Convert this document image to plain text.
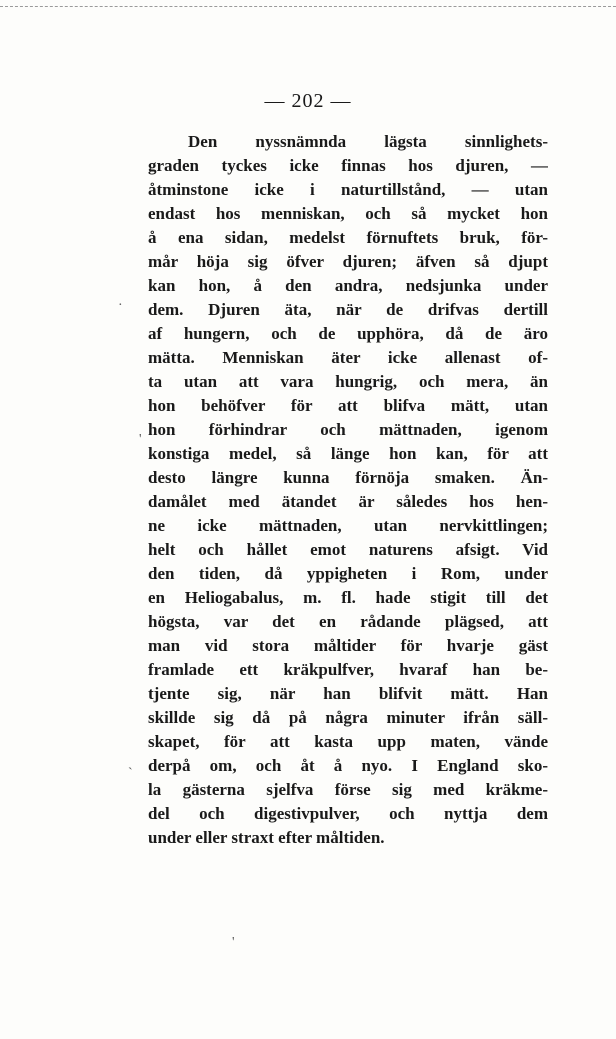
— 202 —
Den nyssnämnda lägsta sinnlighets-
graden tyckes icke finnas hos djuren, —
åtminstone icke i naturtillstånd, — utan
endast hos menniskan, och så mycket hon
å ena sidan, medelst förnuftets bruk, för-
mår höja sig öfver djuren; äfven så djupt
kan hon, å den andra, nedsjunka under
dem. Djuren äta, när de drifvas dertill
af hungern, och de upphöra, då de äro
mätta. Menniskan äter icke allenast of-
ta utan att vara hungrig, och mera, än
hon behöfver för att blifva mätt, utan
hon förhindrar och mättnaden, igenom
konstiga medel, så länge hon kan, för att
desto längre kunna förnöja smaken. Än-
damålet med ätandet är således hos hen-
ne icke mättnaden, utan nervkittlingen;
helt och hållet emot naturens afsigt. Vid
den tiden, då yppigheten i Rom, under
en Heliogabalus, m. fl. hade stigit till det
högsta, var det en rådande plägsed, att
man vid stora måltider för hvarje gäst
framlade ett kräkpulfver, hvaraf han be-
tjente sig, när han blifvit mätt. Han
skillde sig då på några minuter ifrån säll-
skapet, för att kasta upp maten, vände
derpå om, och åt å nyo. I England sko-
la gästerna sjelfva förse sig med kräkme-
del och digestivpulver, och nyttja dem
under eller straxt efter måltiden.
·
'
`
'
